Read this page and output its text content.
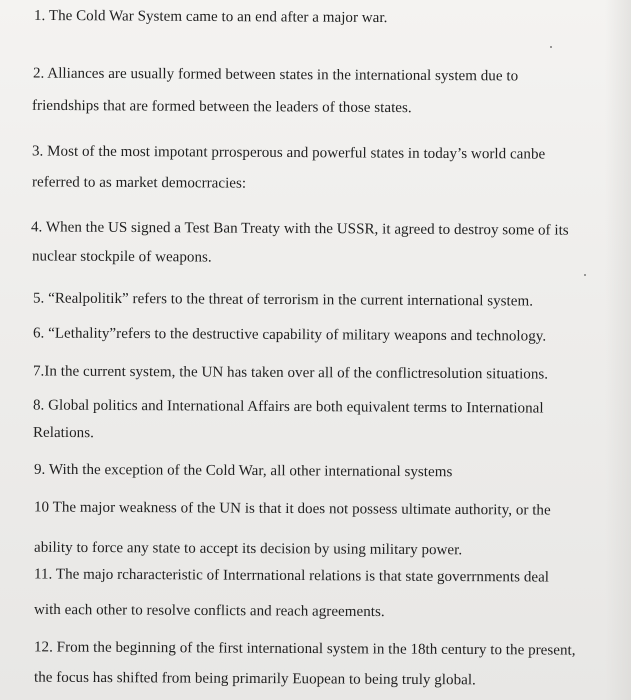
1. The Cold War System came to an end after a major war.

2. Alliances are usually formed between states in the international system due to

friendships that are formed between the leaders of those states.

3. Most of the most impotant prrosperous and powerful states in today’s world canbe

referred to as market democrracies:

4. When the US signed a Test Ban Treaty with the USSR, it agreed to destroy some of its

nuclear stockpile of weapons.

5. “Realpolitik” refers to the threat of terrorism in the current international system.

6. “Lethality”refers to the destructive capability of military weapons and technology.

7.In the current system, the UN has taken over all of the conflictresolution situations.

8. Global politics and International Affairs are both equivalent terms to International

Relations.

9. With the exception of the Cold War, all other international systems

10 The major weakness of the UN is that it does not possess ultimate authority, or the

ability to force any state to accept its decision by using military power.

11. The majo rcharacteristic of Interrnational relations is that state goverrnments deal

with each other to resolve conflicts and reach agreements.

12. From the beginning of the first international system in the 18th century to the present,

the focus has shifted from being primarily Euopean to being truly global.
